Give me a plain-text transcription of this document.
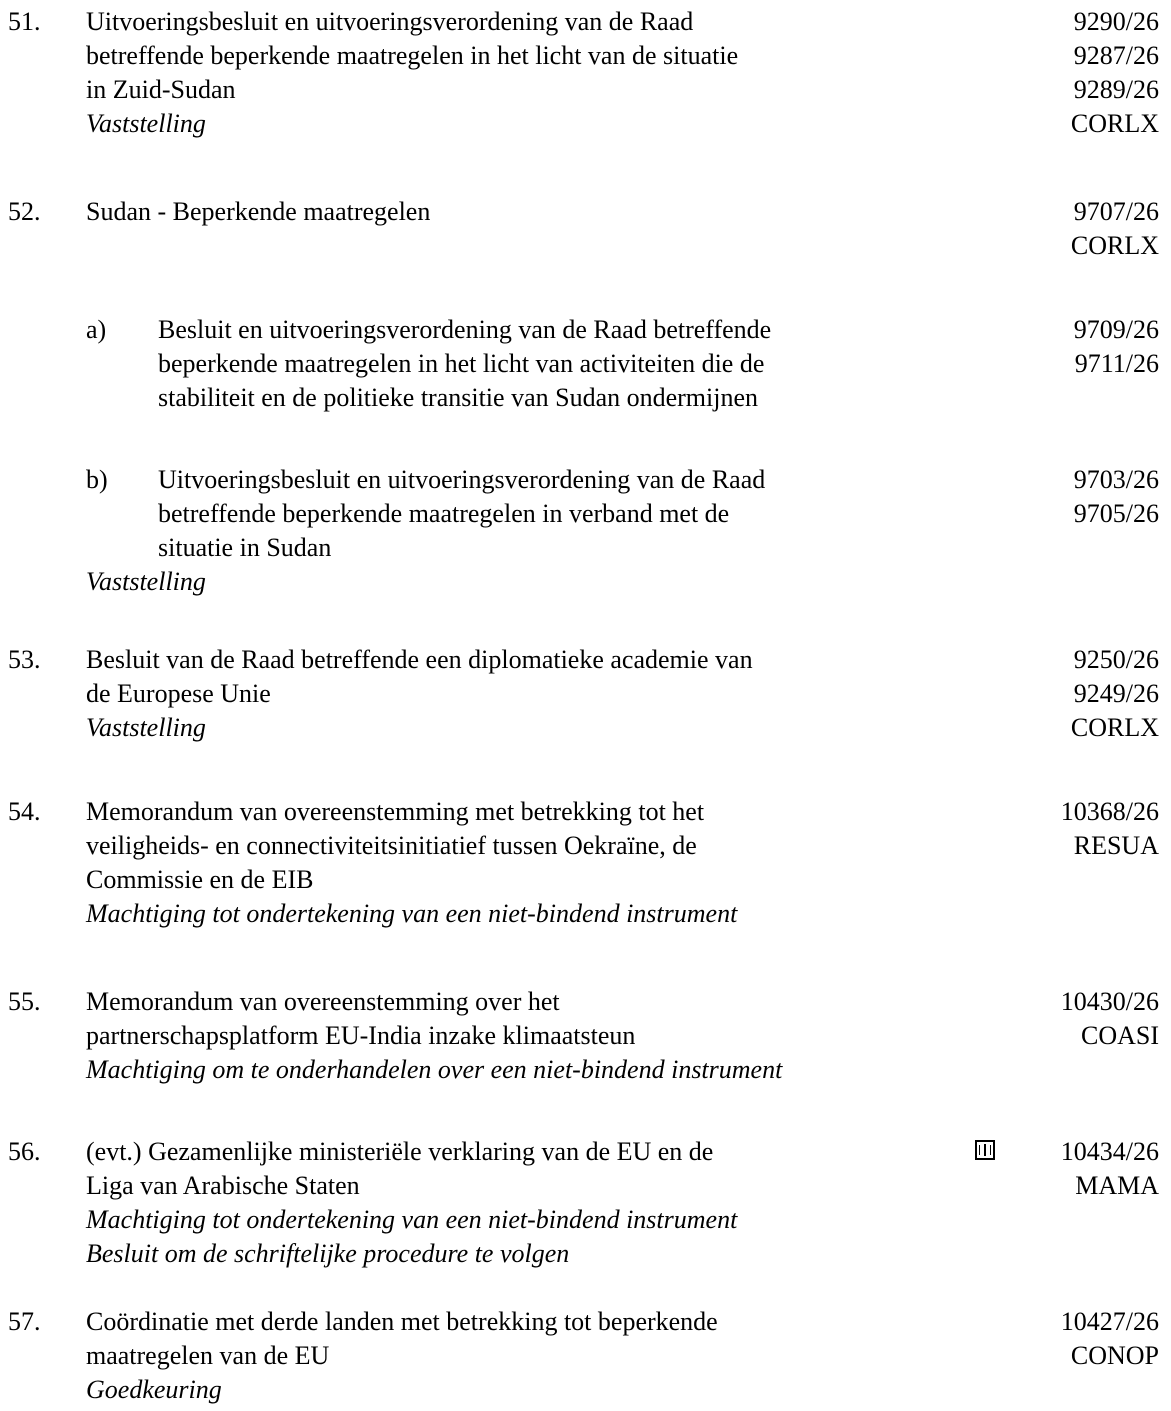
51. Uitvoeringsbesluit en uitvoeringsverordening van de Raad
betreffende beperkende maatregelen in het licht van de situatie
in Zuid-Sudan
Vaststelling
9290/26
9287/26
9289/26
CORLX
52. Sudan - Beperkende maatregelen	9707/26
CORLX
a) Besluit en uitvoeringsverordening van de Raad betreffende
beperkende maatregelen in het licht van activiteiten die de
stabiliteit en de politieke transitie van Sudan ondermijnen
9709/26
9711/26
b) Uitvoeringsbesluit en uitvoeringsverordening van de Raad
betreffende beperkende maatregelen in verband met de
situatie in Sudan
9703/26
9705/26
Vaststelling
53. Besluit van de Raad betreffende een diplomatieke academie van
de Europese Unie
Vaststelling
9250/26
9249/26
CORLX
54. Memorandum van overeenstemming met betrekking tot het
veiligheids- en connectiviteitsinitiatief tussen Oekraïne, de
Commissie en de EIB
Machtiging tot ondertekening van een niet-bindend instrument
10368/26
RESUA
55. Memorandum van overeenstemming over het
partnerschapsplatform EU-India inzake klimaatsteun
Machtiging om te onderhandelen over een niet-bindend instrument
10430/26
COASI
56. (evt.) Gezamenlijke ministeriële verklaring van de EU en de
Liga van Arabische Staten
Machtiging tot ondertekening van een niet-bindend instrument
Besluit om de schriftelijke procedure te volgen
10434/26
MAMA
57. Coördinatie met derde landen met betrekking tot beperkende
maatregelen van de EU
Goedkeuring
10427/26
CONOP
